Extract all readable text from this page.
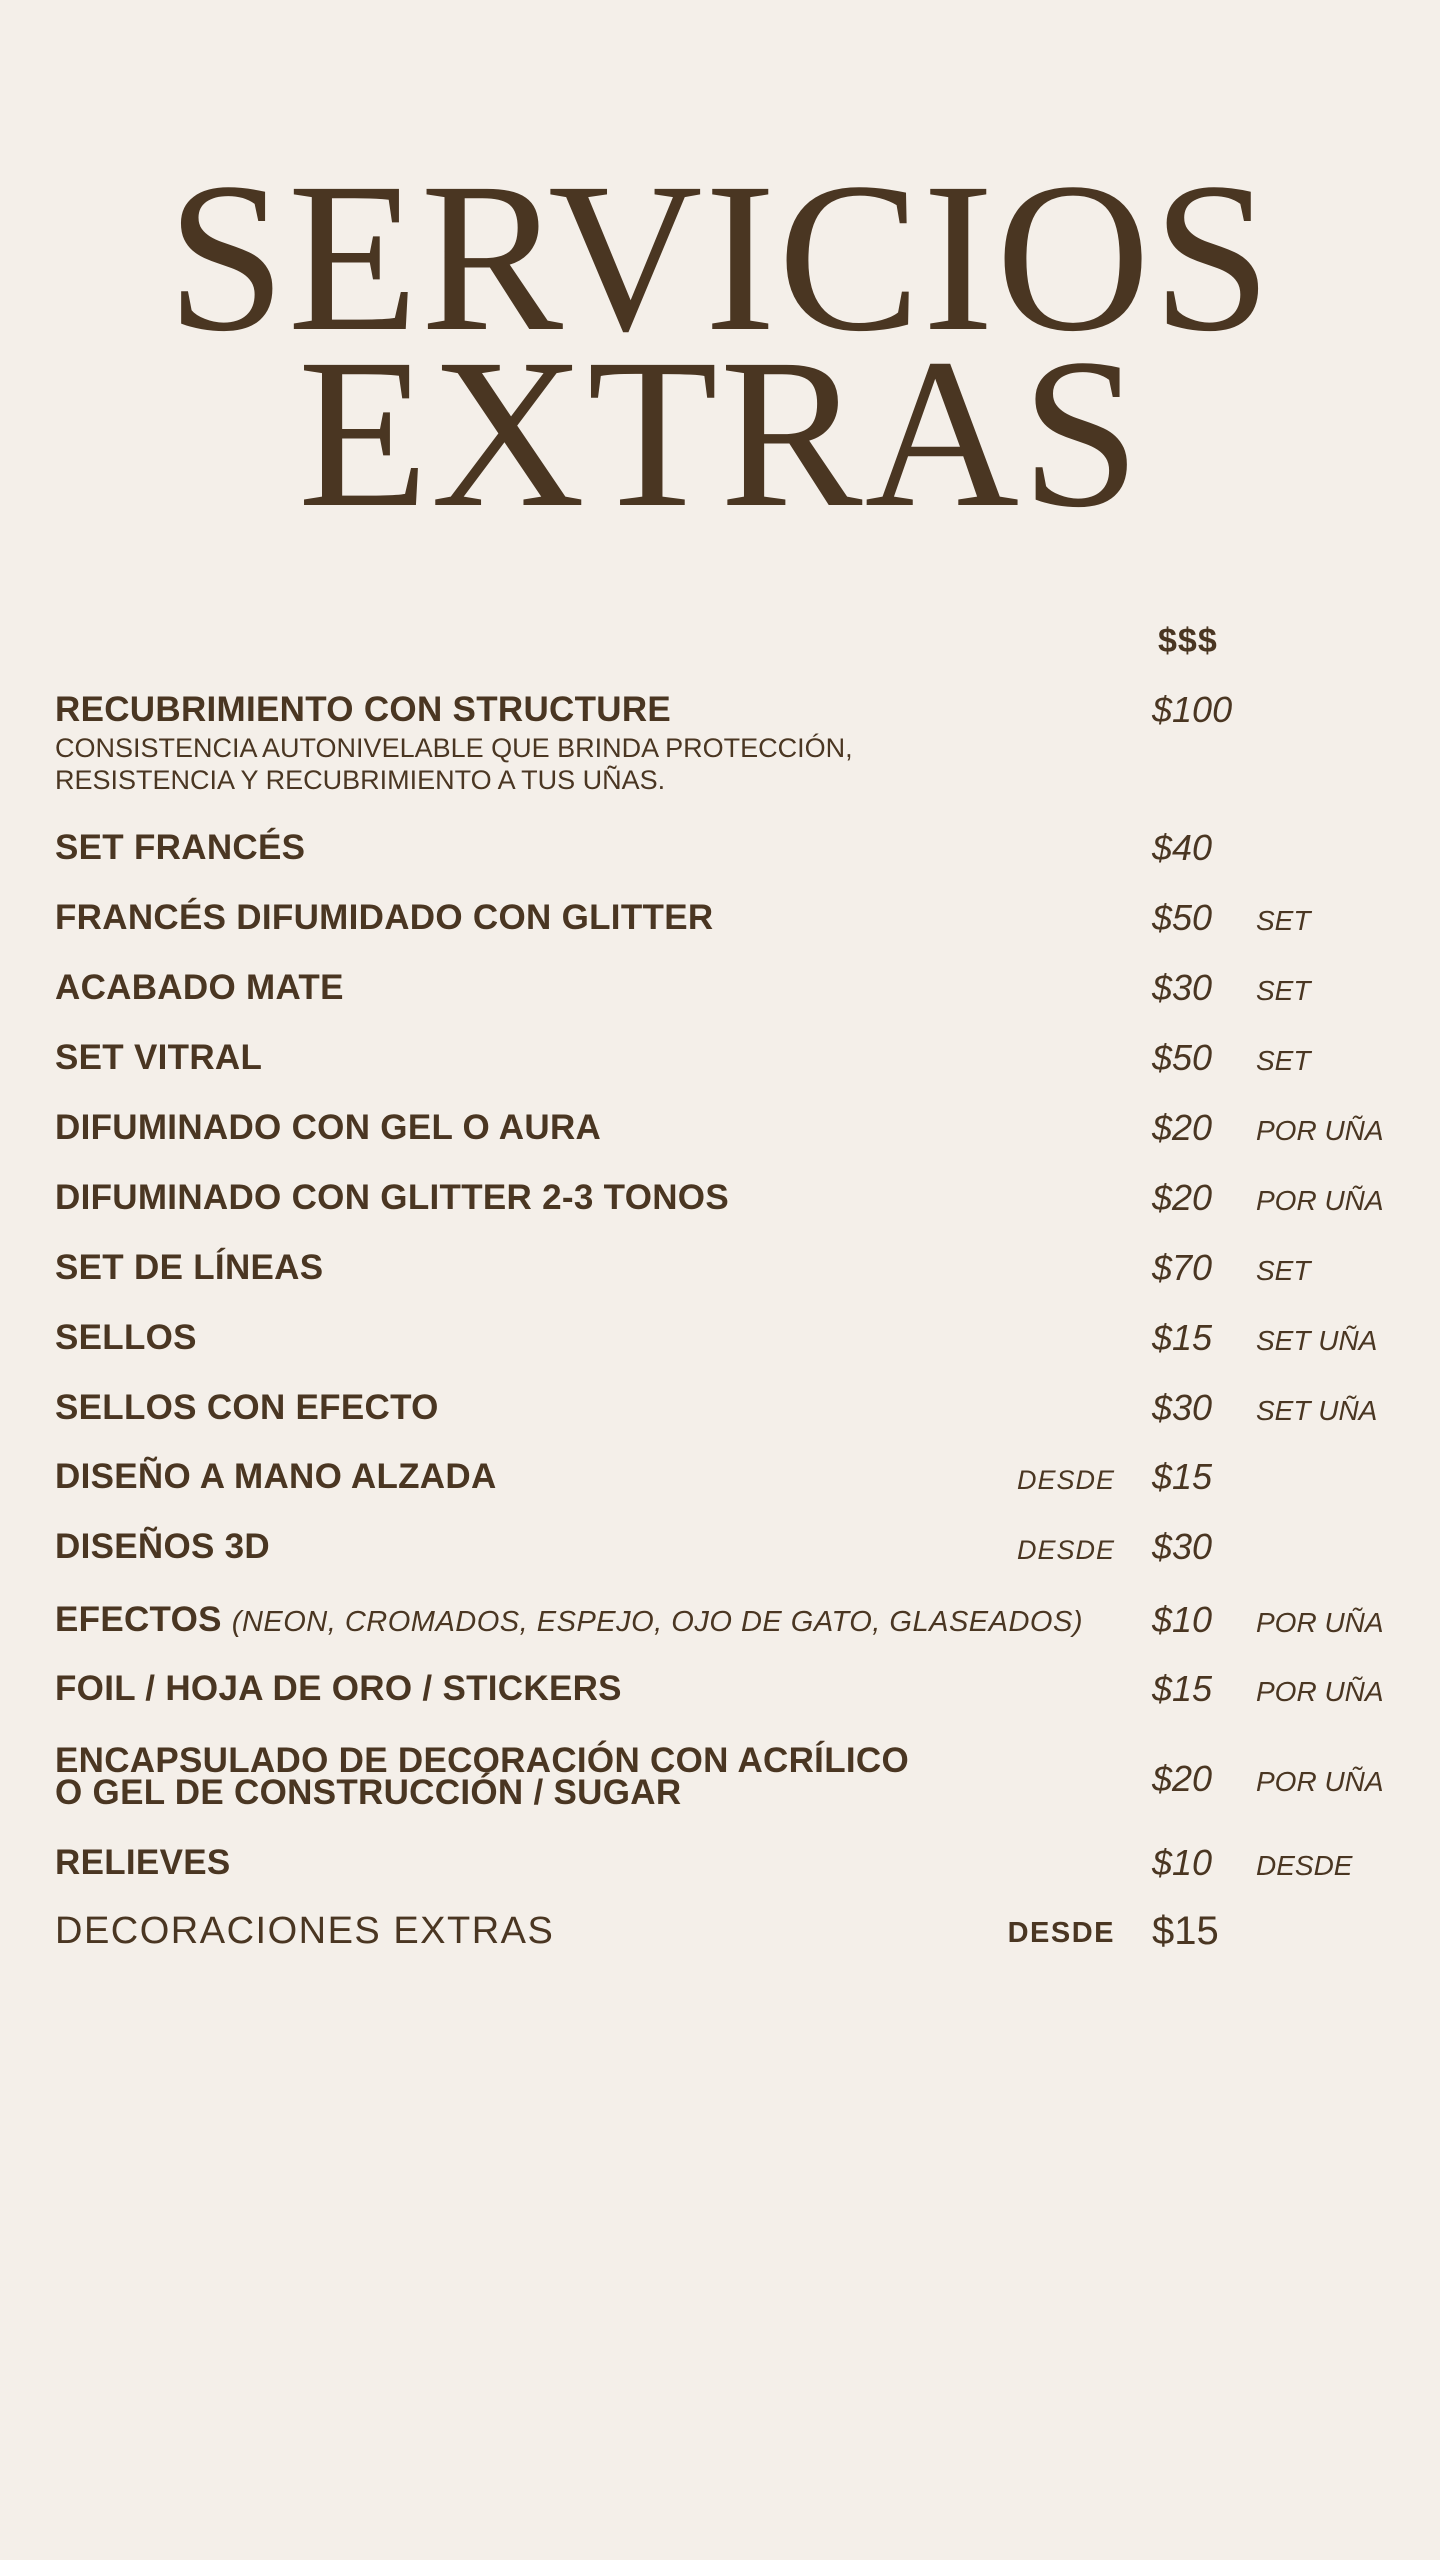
SERVICIOS
EXTRAS
$$$
RECUBRIMIENTO CON STRUCTURE
CONSISTENCIA AUTONIVELABLE QUE BRINDA PROTECCIÓN,
RESISTENCIA Y RECUBRIMIENTO A TUS UÑAS.
$100
SET FRANCÉS	$40
FRANCÉS DIFUMIDADO CON GLITTER	$50 SET
ACABADO MATE	$30 SET
SET VITRAL	$50 SET
DIFUMINADO CON GEL O AURA	$20 POR UÑA
DIFUMINADO CON GLITTER 2-3 TONOS	$20 POR UÑA
SET DE LÍNEAS	$70 SET
SELLOS	$15 SET UÑA
SELLOS CON EFECTO	$30 SET UÑA
DISEÑO A MANO ALZADA	DESDE $15
DISEÑOS 3D	DESDE $30
EFECTOS (NEON, CROMADOS, ESPEJO, OJO DE GATO, GLASEADOS) $10 POR UÑA
FOIL / HOJA DE ORO / STICKERS	$15 POR UÑA
ENCAPSULADO DE DECORACIÓN CON ACRÍLICO
O GEL DE CONSTRUCCIÓN / SUGAR	$20 POR UÑA
RELIEVES	$10 DESDE
DECORACIONES EXTRAS	DESDE $15
